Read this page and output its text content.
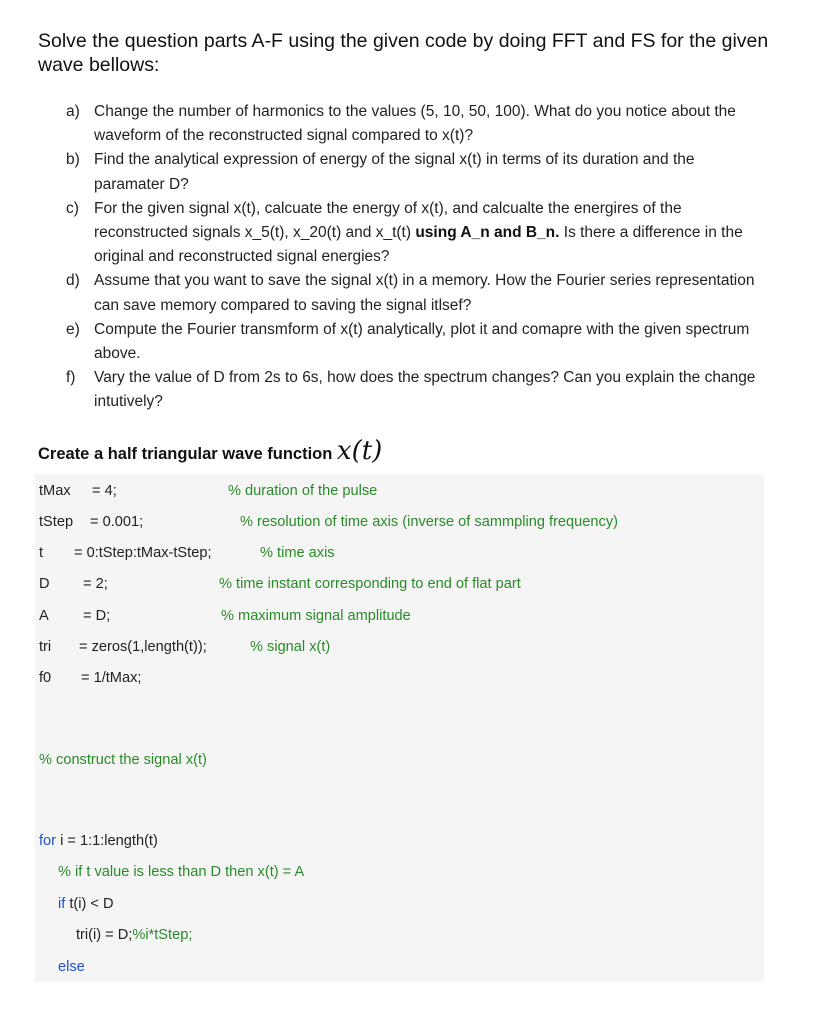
Solve the question parts A-F using the given code by doing FFT and FS for the given wave bellows:
a) Change the number of harmonics to the values (5, 10, 50, 100). What do you notice about the waveform of the reconstructed signal compared to x(t)?
b) Find the analytical expression of energy of the signal x(t) in terms of its duration and the paramater D?
c) For the given signal x(t), calcuate the energy of x(t), and calcualte the energires of the reconstructed signals x_5(t), x_20(t) and x_t(t) using A_n and B_n. Is there a difference in the original and reconstructed signal energies?
d) Assume that you want to save the signal x(t) in a memory. How the Fourier series representation can save memory compared to saving the signal itlsef?
e) Compute the Fourier transmform of x(t) analytically, plot it and comapre with the given spectrum above.
f) Vary the value of D from 2s to 6s, how does the spectrum changes? Can you explain the change intutively?
Create a half triangular wave function x(t)
tMax = 4;	% duration of the pulse
tStep = 0.001;	% resolution of time axis (inverse of sammpling frequency)
t = 0:tStep:tMax-tStep;	% time axis
D = 2;	% time instant corresponding to end of flat part
A = D;	% maximum signal amplitude
tri = zeros(1,length(t));	% signal x(t)
f0 = 1/tMax;
% construct the signal x(t)
for i = 1:1:length(t)
% if t value is less than D then x(t) = A
if t(i) < D
tri(i) = D;%i*tStep;
else
